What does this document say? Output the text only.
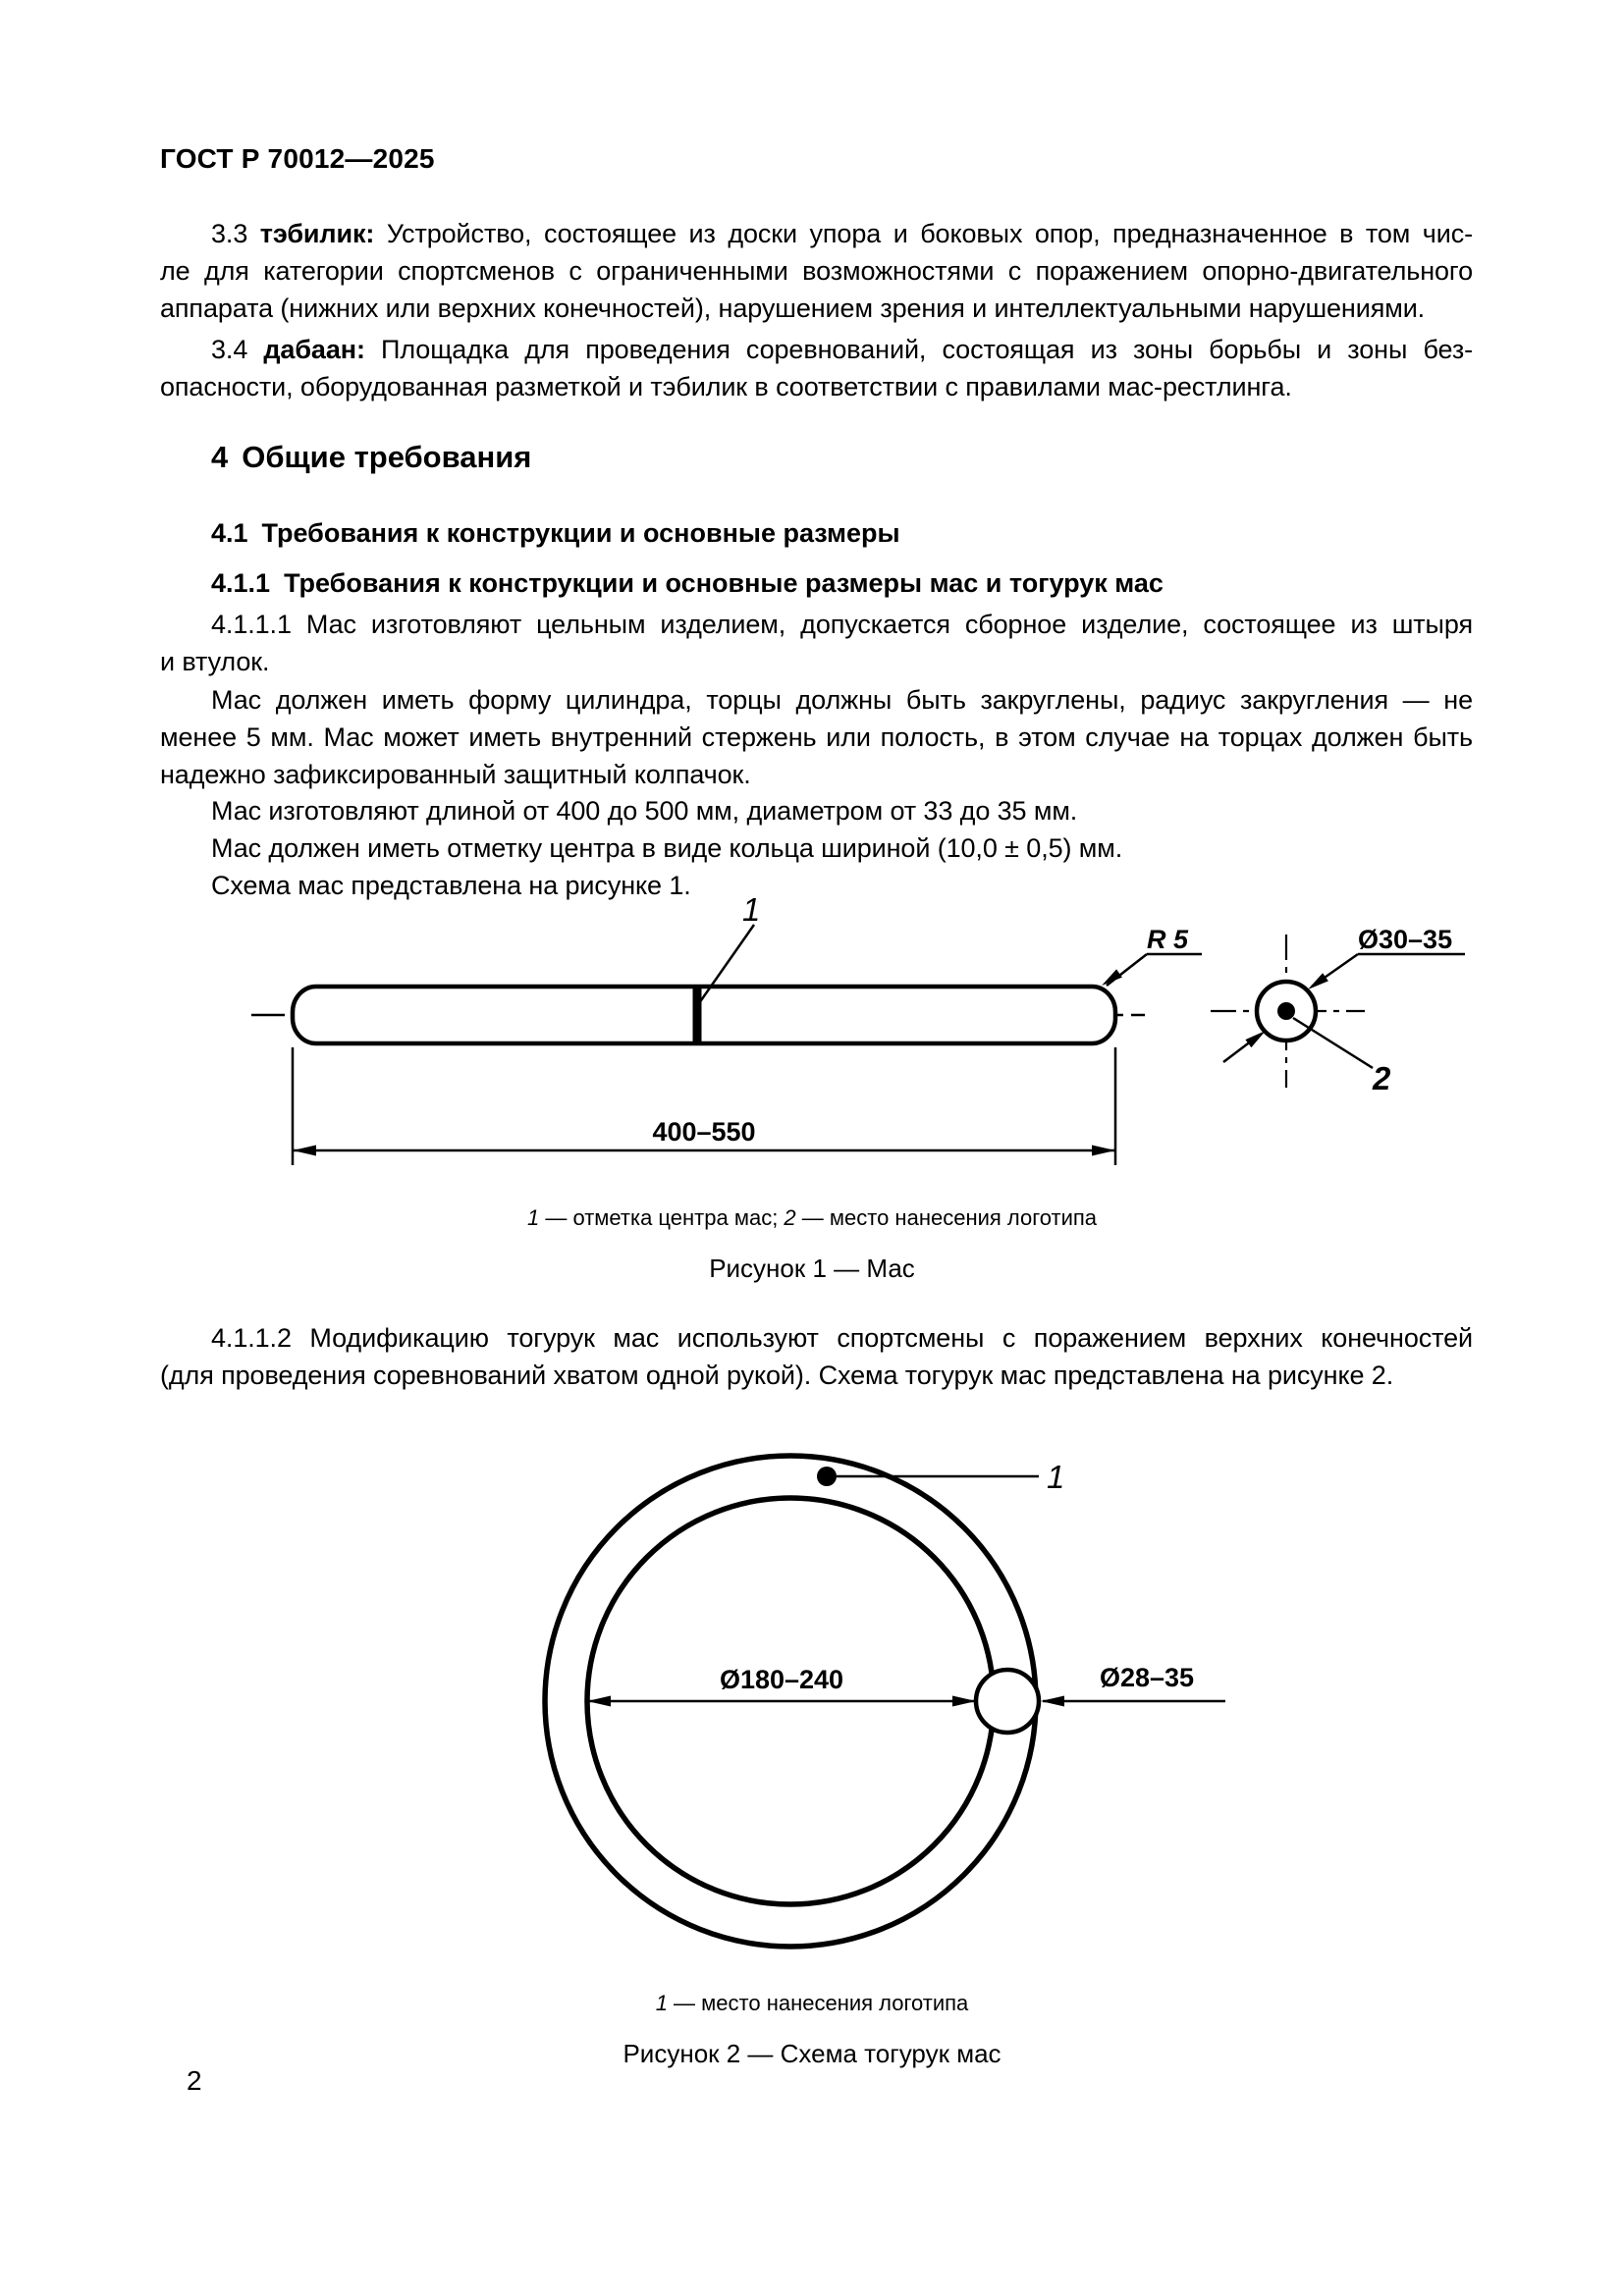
ГОСТ Р 70012—2025
3.3 тэбилик: Устройство, состоящее из доски упора и боковых опор, предназначенное в том чис-
ле для категории спортсменов с ограниченными возможностями с поражением опорно-двигательного
аппарата (нижних или верхних конечностей), нарушением зрения и интеллектуальными нарушениями.
3.4 дабаан: Площадка для проведения соревнований, состоящая из зоны борьбы и зоны без-
опасности, оборудованная разметкой и тэбилик в соответствии с правилами мас-рестлинга.
4 Общие требования
4.1 Требования к конструкции и основные размеры
4.1.1 Требования к конструкции и основные размеры мас и тогурук мас
4.1.1.1 Мас изготовляют цельным изделием, допускается сборное изделие, состоящее из штыря
и втулок.
Мас должен иметь форму цилиндра, торцы должны быть закруглены, радиус закругления — не
менее 5 мм. Мас может иметь внутренний стержень или полость, в этом случае на торцах должен быть
надежно зафиксированный защитный колпачок.
Мас изготовляют длиной от 400 до 500 мм, диаметром от 33 до 35 мм.
Мас должен иметь отметку центра в виде кольца шириной (10,0 ± 0,5) мм.
Схема мас представлена на рисунке 1.
1
R 5	Ø30–35
2
400–550
1 — отметка центра мас; 2 — место нанесения логотипа
Рисунок 1 — Мас
4.1.1.2 Модификацию тогурук мас используют спортсмены с поражением верхних конечностей
(для проведения соревнований хватом одной рукой). Схема тогурук мас представлена на рисунке 2.
Ø180–240	Ø28–35
1
1 — место нанесения логотипа
Рисунок 2 — Схема тогурук мас
2
